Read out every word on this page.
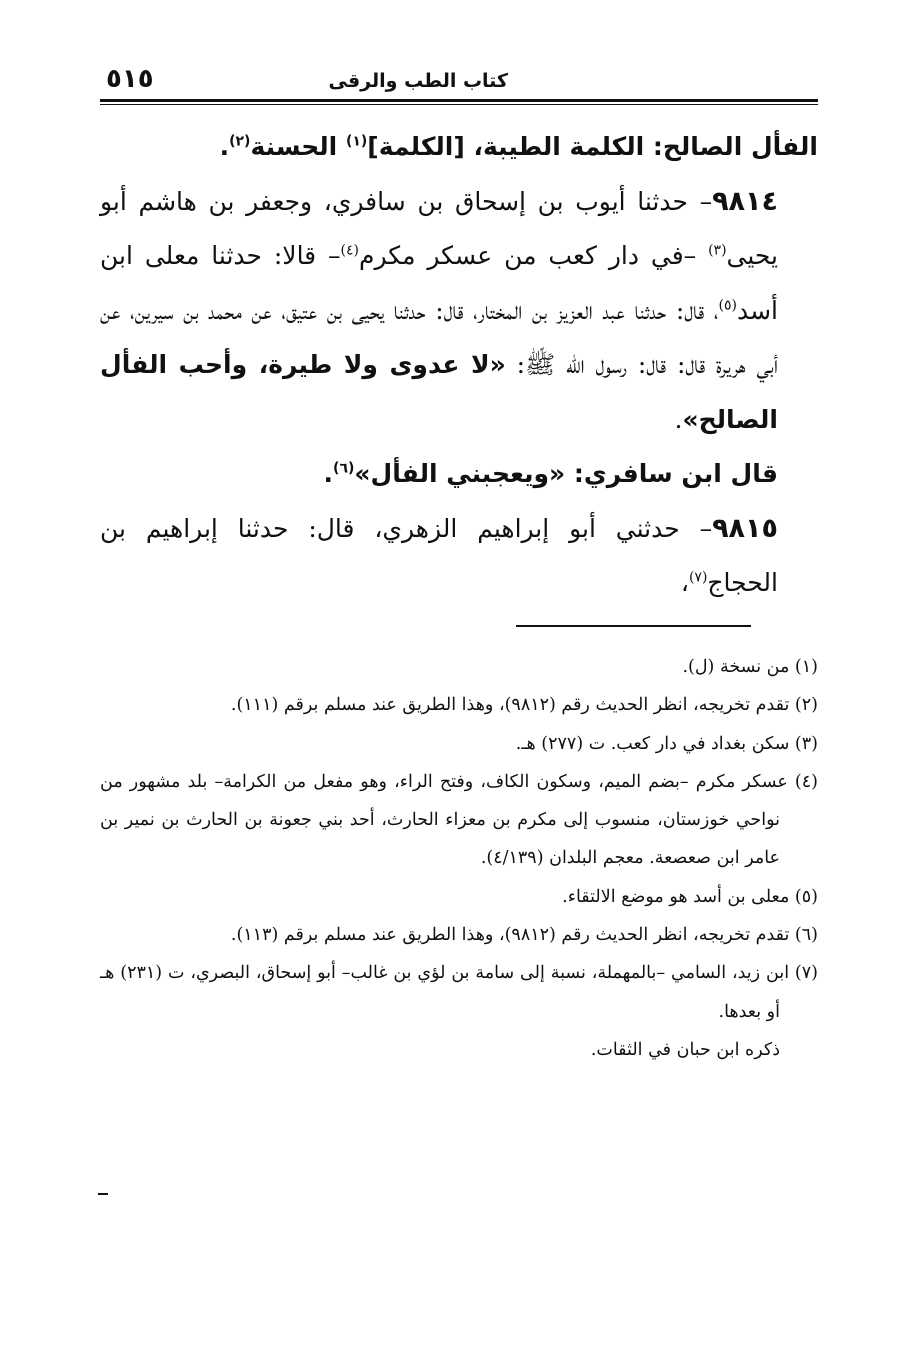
كتاب الطب والرقى
٥١٥

الفأل الصالح: الكلمة الطيبة، [الكلمة]$^{(١)}$ الحسنة$^{(٢)}$.

٩٨١٤– حدثنا أيوب بن إسحاق بن سافري، وجعفر بن هاشم أبو يحيى$^{(٣)}$ –في دار كعب من عسكر مكرم$^{(٤)}$– قالا: حدثنا معلى ابن أسد$^{(٥)}$، قال: حدثنا عبد العزيز بن المختار، قال: حدثنا يحيى بن عتيق، عن محمد بن سيرين، عن أبي هريرة قال: قال: رسول الله ﷺ: «لا عدوى ولا طيرة، وأحب الفأل الصالح».

قال ابن سافري: «ويعجبني الفأل»$^{(٦)}$.

٩٨١٥– حدثني أبو إبراهيم الزهري، قال: حدثنا إبراهيم بن الحجاج$^{(٧)}$،

(١) من نسخة (ل).

(٢) تقدم تخريجه، انظر الحديث رقم (٩٨١٢)، وهذا الطريق عند مسلم برقم (١١١).

(٣) سكن بغداد في دار كعب. ت (٢٧٧) هـ.

(٤) عسكر مكرم –بضم الميم، وسكون الكاف، وفتح الراء، وهو مفعل من الكرامة– بلد مشهور من نواحي خوزستان، منسوب إلى مكرم بن معزاء الحارث، أحد بني جعونة بن الحارث بن نمير بن عامر ابن صعصعة. معجم البلدان (٤/١٣٩).

(٥) معلى بن أسد هو موضع الالتقاء.

(٦) تقدم تخريجه، انظر الحديث رقم (٩٨١٢)، وهذا الطريق عند مسلم برقم (١١٣).

(٧) ابن زيد، السامي –بالمهملة، نسبة إلى سامة بن لؤي بن غالب– أبو إسحاق، البصري، ت (٢٣١) هـ أو بعدها.

ذكره ابن حبان في الثقات.
